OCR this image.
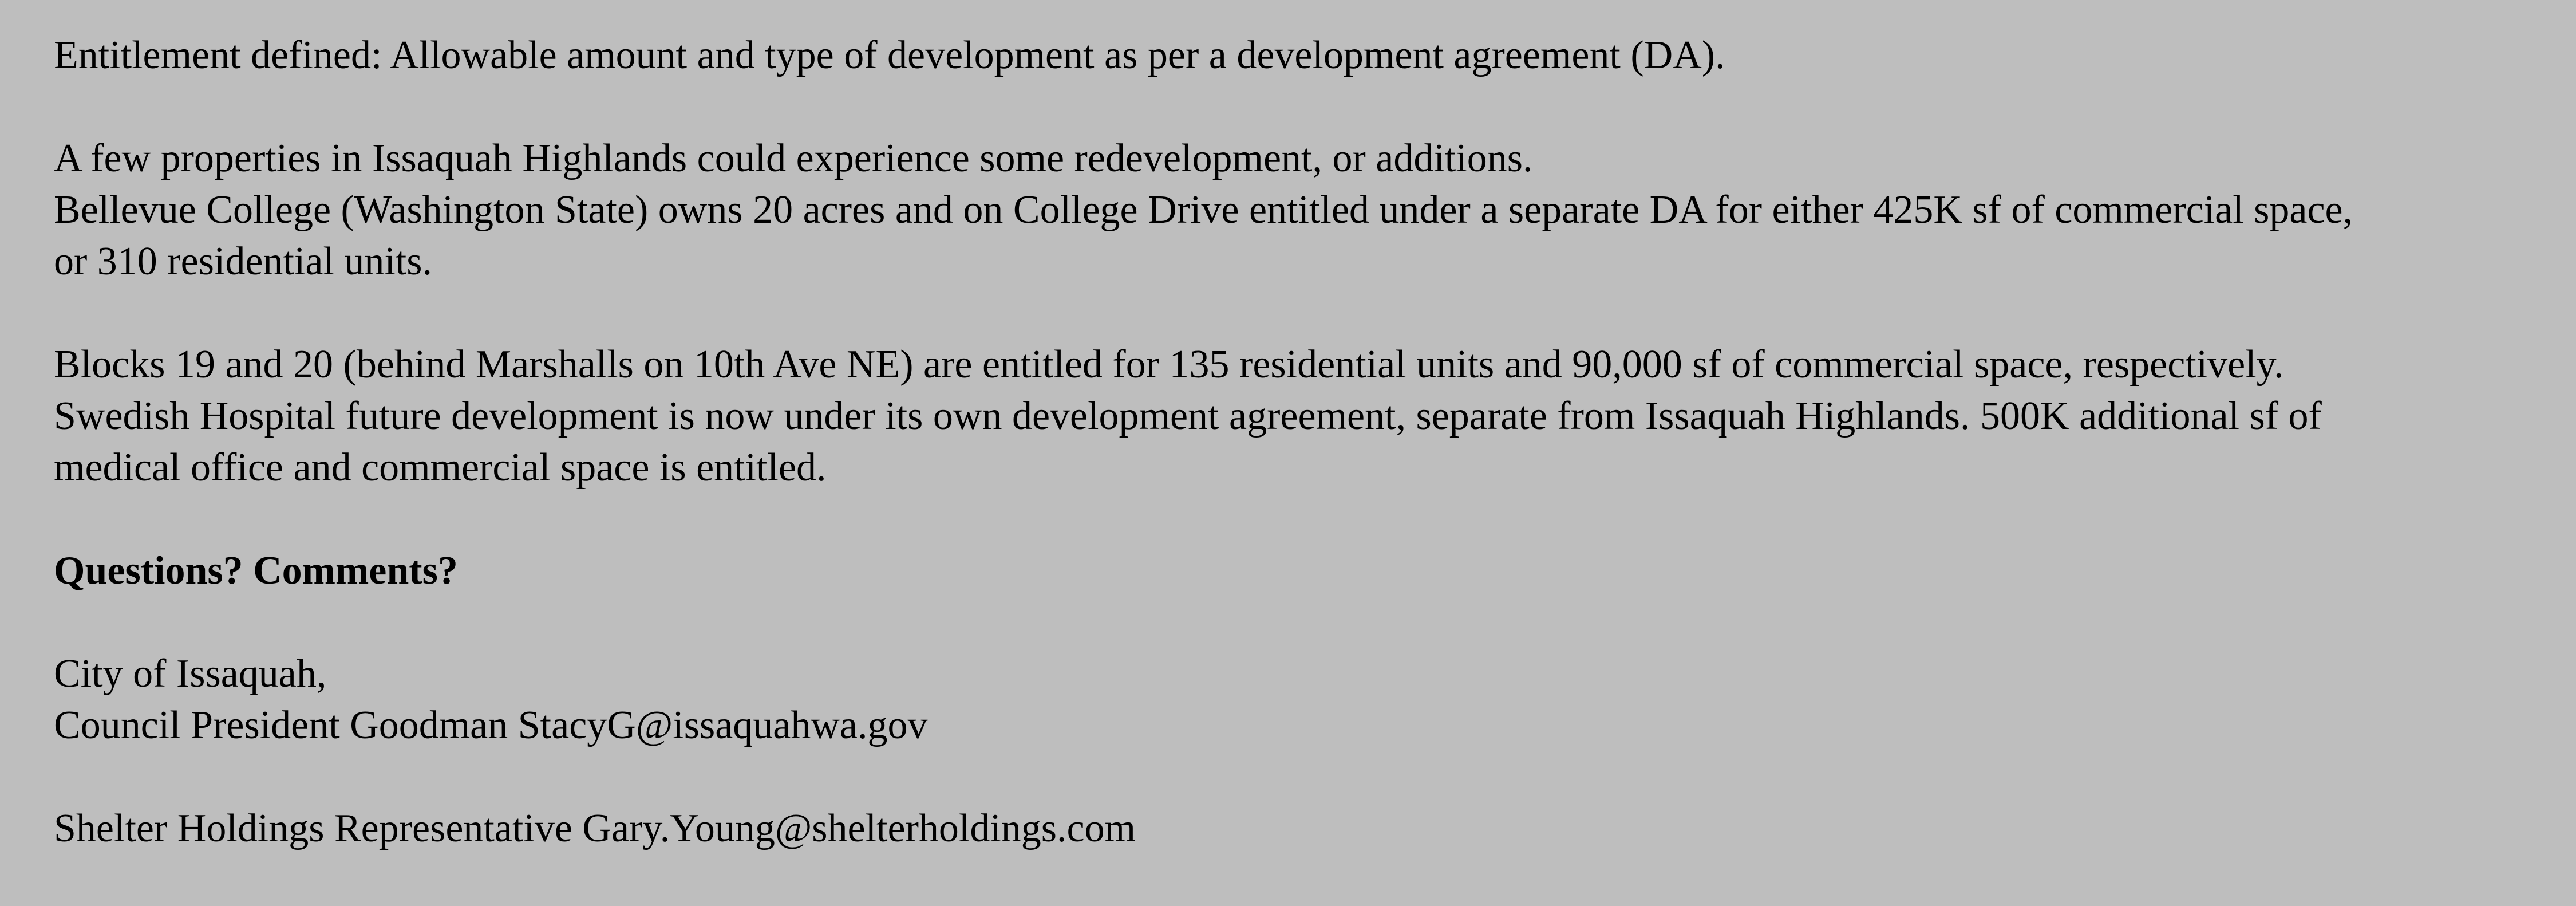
Entitlement defined: Allowable amount and type of development as per a development agreement (DA).

A few properties in Issaquah Highlands could experience some redevelopment, or additions.
Bellevue College (Washington State) owns 20 acres and on College Drive entitled under a separate DA for either 425K sf of commercial space,
or 310 residential units.

Blocks 19 and 20 (behind Marshalls on 10th Ave NE) are entitled for 135 residential units and 90,000 sf of commercial space, respectively.
Swedish Hospital future development is now under its own development agreement, separate from Issaquah Highlands. 500K additional sf of
medical office and commercial space is entitled.

Questions? Comments?

City of Issaquah,
Council President Goodman StacyG@issaquahwa.gov

Shelter Holdings Representative Gary.Young@shelterholdings.com
